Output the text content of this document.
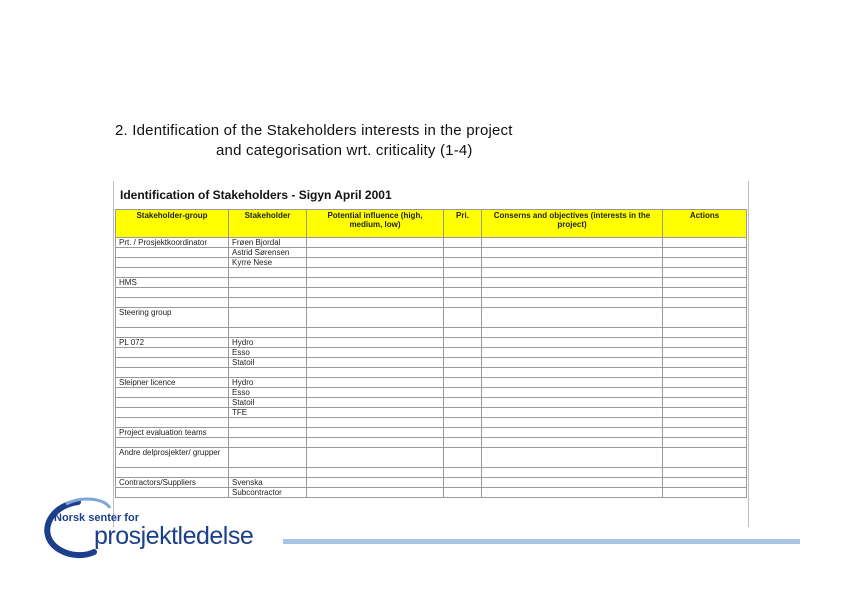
2. Identification of the Stakeholders interests in the project
and categorisation wrt. criticality (1-4)
Identification of Stakeholders - Sigyn April 2001
Stakeholder-group	Stakeholder	Potential influence (high, medium, low)	Pri.	Conserns and objectives (interests in the project)	Actions
Prt. / Prosjektkoordinator	Frøen Bjordal				
	Astrid Sørensen				
	Kyrre Nese				

HMS					

Steering group					

PL 072	Hydro				
	Esso				
	Statoil				

Sleipner licence	Hydro				
	Esso				
	Statoil				
	TFE				

Project evaluation teams					

Andre delprosjekter/ grupper					

Contractors/Suppliers	Svenska				
	Subcontractor				
Norsk senter for
prosjektledelse
